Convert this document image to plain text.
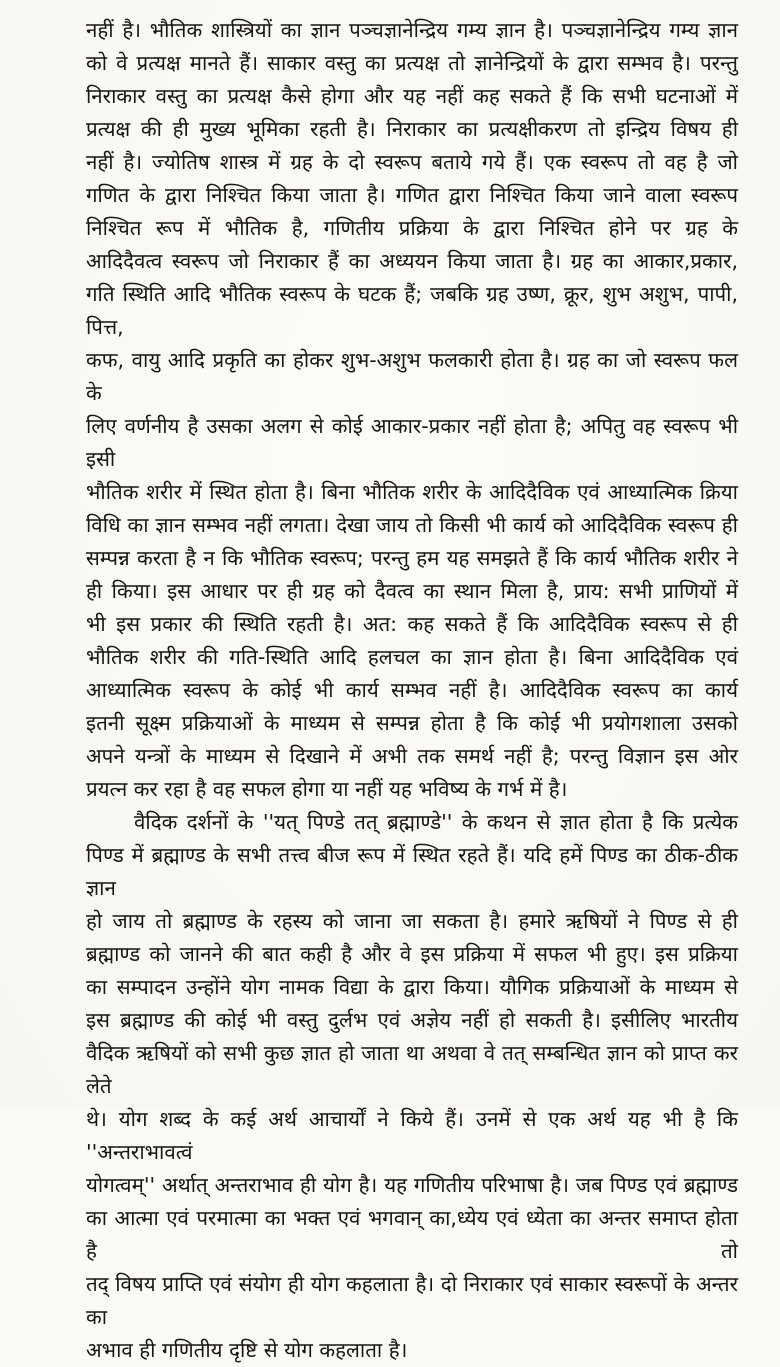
नहीं है। भौतिक शास्त्रियों का ज्ञान पञ्चज्ञानेन्द्रिय गम्य ज्ञान है। पञ्चज्ञानेन्द्रिय गम्य ज्ञान
को वे प्रत्यक्ष मानते हैं। साकार वस्तु का प्रत्यक्ष तो ज्ञानेन्द्रियों के द्वारा सम्भव है। परन्तु
निराकार वस्तु का प्रत्यक्ष कैसे होगा और यह नहीं कह सकते हैं कि सभी घटनाओं में
प्रत्यक्ष की ही मुख्य भूमिका रहती है। निराकार का प्रत्यक्षीकरण तो इन्द्रिय विषय ही
नहीं है। ज्योतिष शास्त्र में ग्रह के दो स्वरूप बताये गये हैं। एक स्वरूप तो वह है जो
गणित के द्वारा निश्चित किया जाता है। गणित द्वारा निश्चित किया जाने वाला स्वरूप
निश्चित रूप में भौतिक है, गणितीय प्रक्रिया के द्वारा निश्चित होने पर ग्रह के
आदिदैवत्व स्वरूप जो निराकार हैं का अध्ययन किया जाता है। ग्रह का आकार,प्रकार,
गति स्थिति आदि भौतिक स्वरूप के घटक हैं; जबकि ग्रह उष्ण, क्रूर, शुभ अशुभ, पापी, पित्त,
कफ, वायु आदि प्रकृति का होकर शुभ-अशुभ फलकारी होता है। ग्रह का जो स्वरूप फल के
लिए वर्णनीय है उसका अलग से कोई आकार-प्रकार नहीं होता है; अपितु वह स्वरूप भी इसी
भौतिक शरीर में स्थित होता है। बिना भौतिक शरीर के आदिदैविक एवं आध्यात्मिक क्रिया
विधि का ज्ञान सम्भव नहीं लगता। देखा जाय तो किसी भी कार्य को आदिदैविक स्वरूप ही
सम्पन्न करता है न कि भौतिक स्वरूप; परन्तु हम यह समझते हैं कि कार्य भौतिक शरीर ने
ही किया। इस आधार पर ही ग्रह को दैवत्व का स्थान मिला है, प्राय: सभी प्राणियों में
भी इस प्रकार की स्थिति रहती है। अत: कह सकते हैं कि आदिदैविक स्वरूप से ही
भौतिक शरीर की गति-स्थिति आदि हलचल का ज्ञान होता है। बिना आदिदैविक एवं
आध्यात्मिक स्वरूप के कोई भी कार्य सम्भव नहीं है। आदिदैविक स्वरूप का कार्य
इतनी सूक्ष्म प्रक्रियाओं के माध्यम से सम्पन्न होता है कि कोई भी प्रयोगशाला उसको
अपने यन्त्रों के माध्यम से दिखाने में अभी तक समर्थ नहीं है; परन्तु विज्ञान इस ओर
प्रयत्न कर रहा है वह सफल होगा या नहीं यह भविष्य के गर्भ में है।
वैदिक दर्शनों के ''यत् पिण्डे तत् ब्रह्माण्डे'' के कथन से ज्ञात होता है कि प्रत्येक
पिण्ड में ब्रह्माण्ड के सभी तत्त्व बीज रूप में स्थित रहते हैं। यदि हमें पिण्ड का ठीक-ठीक ज्ञान
हो जाय तो ब्रह्माण्ड के रहस्य को जाना जा सकता है। हमारे ऋषियों ने पिण्ड से ही
ब्रह्माण्ड को जानने की बात कही है और वे इस प्रक्रिया में सफल भी हुए। इस प्रक्रिया
का सम्पादन उन्होंने योग नामक विद्या के द्वारा किया। यौगिक प्रक्रियाओं के माध्यम से
इस ब्रह्माण्ड की कोई भी वस्तु दुर्लभ एवं अज्ञेय नहीं हो सकती है। इसीलिए भारतीय
वैदिक ऋषियों को सभी कुछ ज्ञात हो जाता था अथवा वे तत् सम्बन्धित ज्ञान को प्राप्त कर लेते
थे। योग शब्द के कई अर्थ आचार्यों ने किये हैं। उनमें से एक अर्थ यह भी है कि ''अन्तराभावत्वं
योगत्वम्'' अर्थात् अन्तराभाव ही योग है। यह गणितीय परिभाषा है। जब पिण्ड एवं ब्रह्माण्ड
का आत्मा एवं परमात्मा का भक्त एवं भगवान् का,ध्येय एवं ध्येता का अन्तर समाप्त होता है तो
तद् विषय प्राप्ति एवं संयोग ही योग कहलाता है। दो निराकार एवं साकार स्वरूपों के अन्तर का
अभाव ही गणितीय दृष्टि से योग कहलाता है।
